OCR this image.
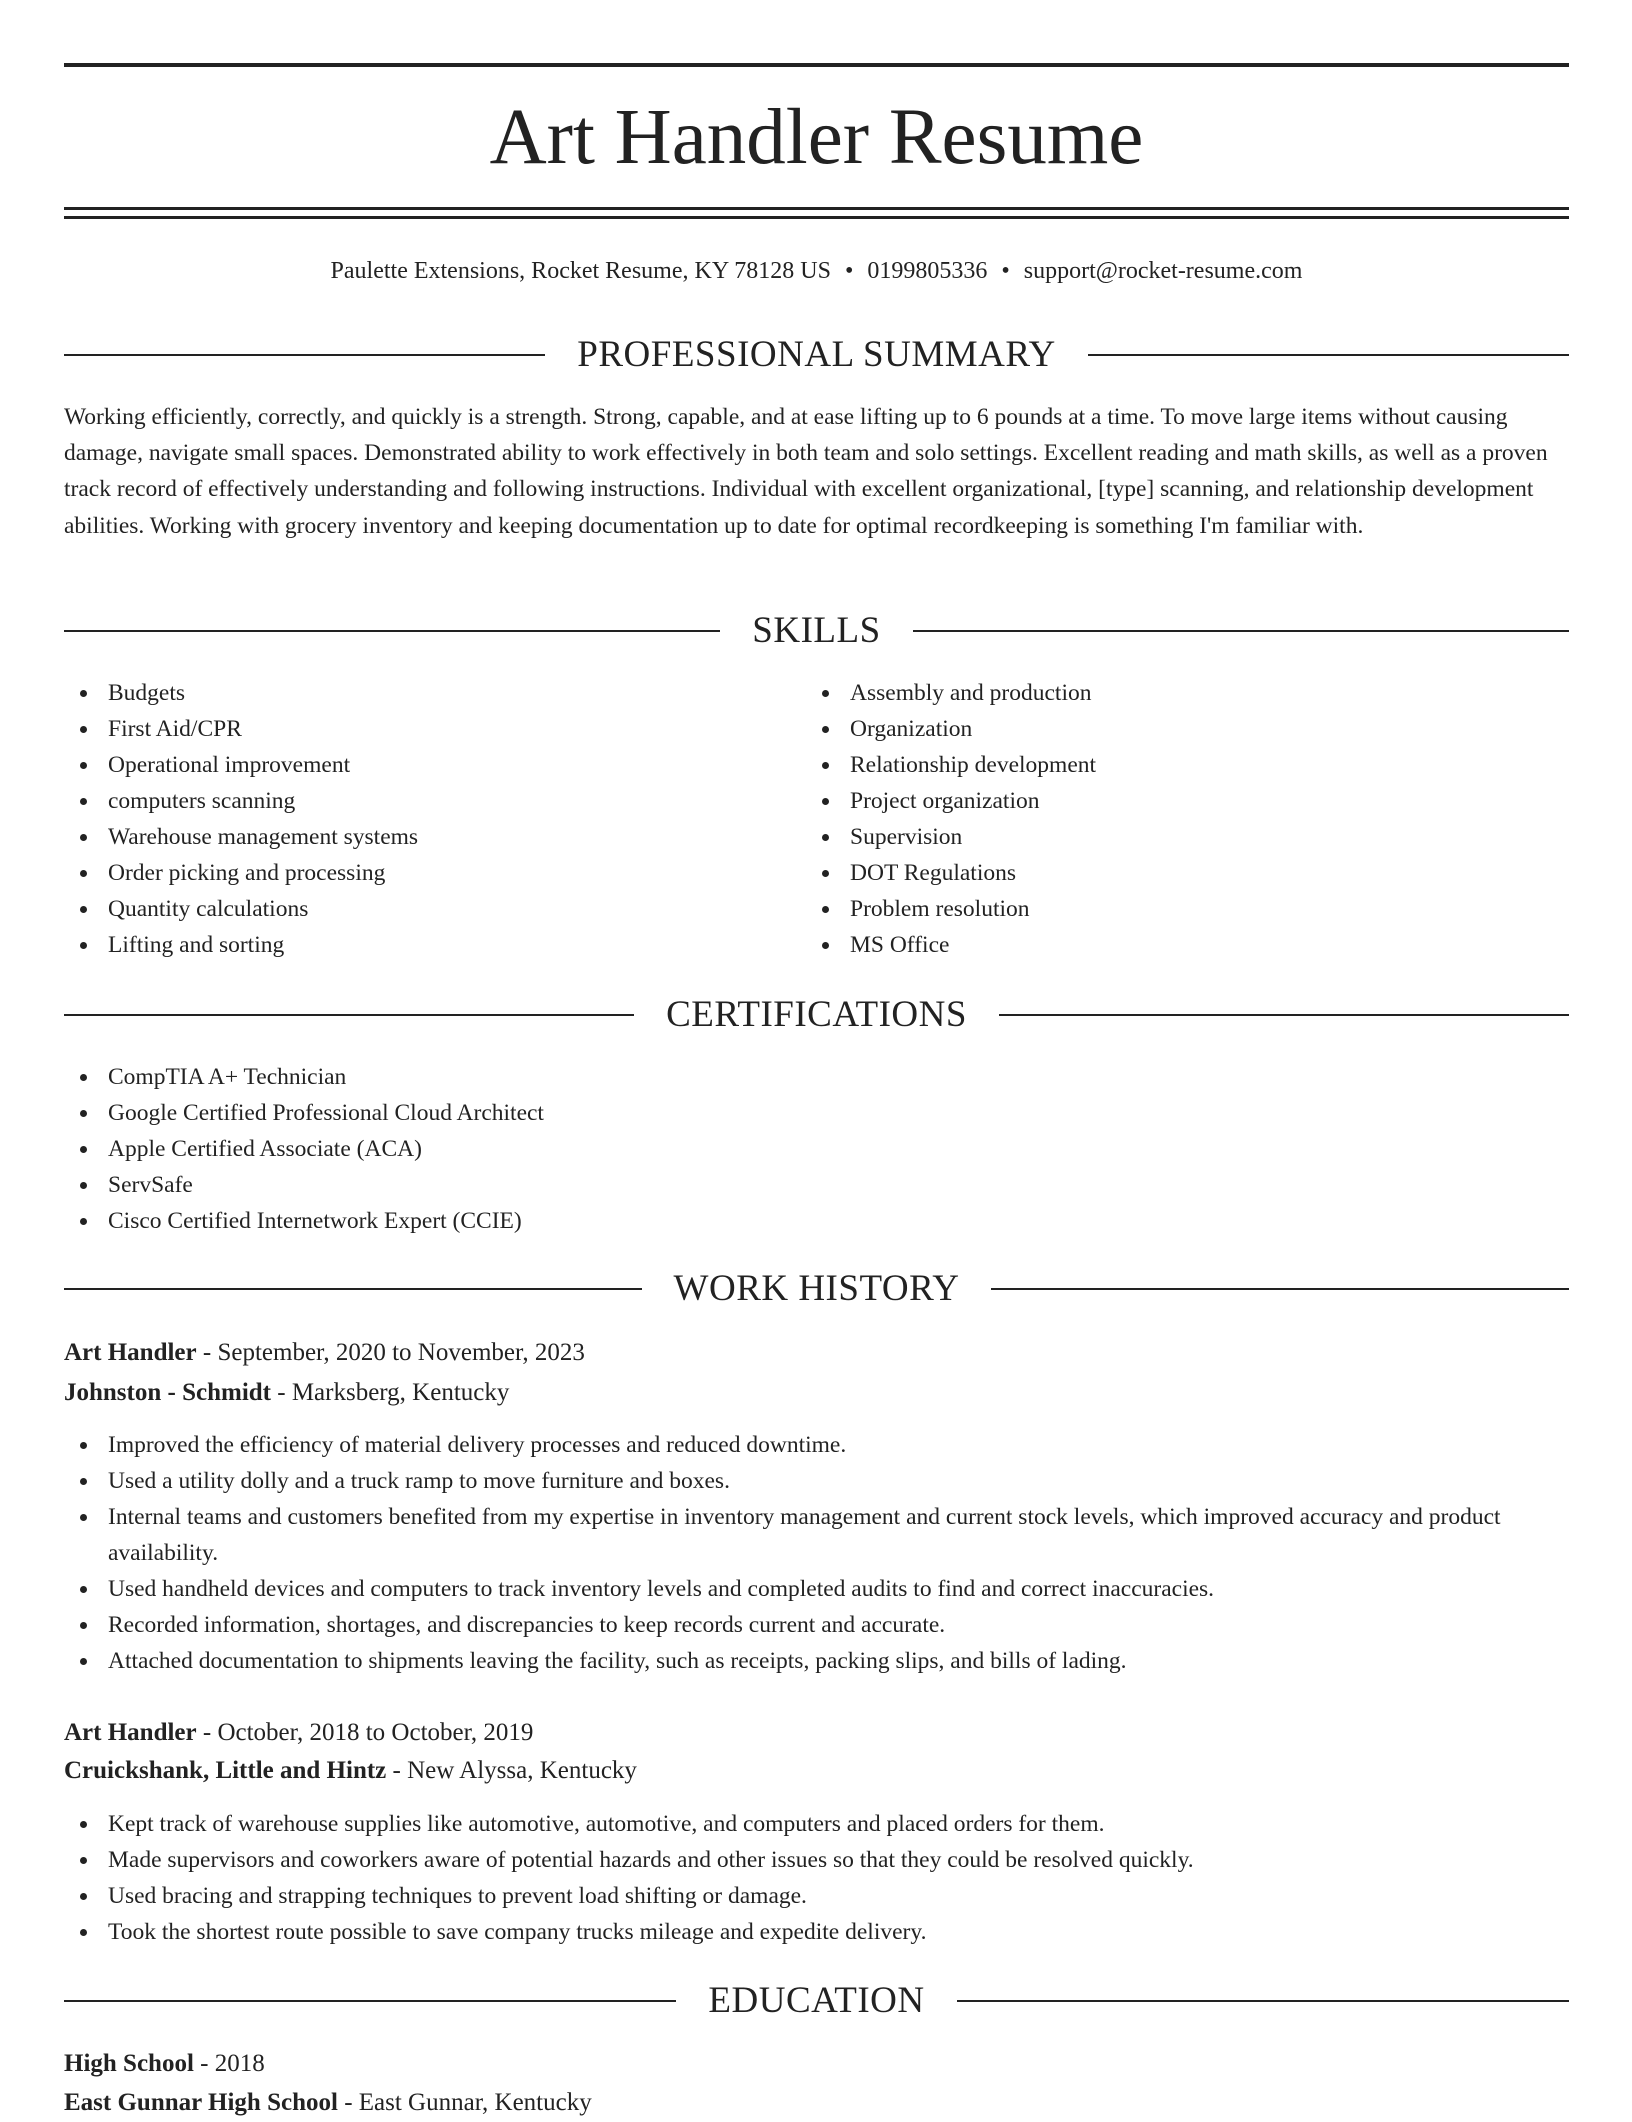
Art Handler Resume
Paulette Extensions, Rocket Resume, KY 78128 US • 0199805336 • support@rocket-resume.com
PROFESSIONAL SUMMARY
Working efficiently, correctly, and quickly is a strength. Strong, capable, and at ease lifting up to 6 pounds at a time. To move large items without causing damage, navigate small spaces. Demonstrated ability to work effectively in both team and solo settings. Excellent reading and math skills, as well as a proven track record of effectively understanding and following instructions. Individual with excellent organizational, [type] scanning, and relationship development abilities. Working with grocery inventory and keeping documentation up to date for optimal recordkeeping is something I'm familiar with.
SKILLS
Budgets
First Aid/CPR
Operational improvement
computers scanning
Warehouse management systems
Order picking and processing
Quantity calculations
Lifting and sorting
Assembly and production
Organization
Relationship development
Project organization
Supervision
DOT Regulations
Problem resolution
MS Office
CERTIFICATIONS
CompTIA A+ Technician
Google Certified Professional Cloud Architect
Apple Certified Associate (ACA)
ServSafe
Cisco Certified Internetwork Expert (CCIE)
WORK HISTORY
Art Handler - September, 2020 to November, 2023
Johnston - Schmidt - Marksberg, Kentucky
Improved the efficiency of material delivery processes and reduced downtime.
Used a utility dolly and a truck ramp to move furniture and boxes.
Internal teams and customers benefited from my expertise in inventory management and current stock levels, which improved accuracy and product availability.
Used handheld devices and computers to track inventory levels and completed audits to find and correct inaccuracies.
Recorded information, shortages, and discrepancies to keep records current and accurate.
Attached documentation to shipments leaving the facility, such as receipts, packing slips, and bills of lading.
Art Handler - October, 2018 to October, 2019
Cruickshank, Little and Hintz - New Alyssa, Kentucky
Kept track of warehouse supplies like automotive, automotive, and computers and placed orders for them.
Made supervisors and coworkers aware of potential hazards and other issues so that they could be resolved quickly.
Used bracing and strapping techniques to prevent load shifting or damage.
Took the shortest route possible to save company trucks mileage and expedite delivery.
EDUCATION
High School - 2018
East Gunnar High School - East Gunnar, Kentucky
